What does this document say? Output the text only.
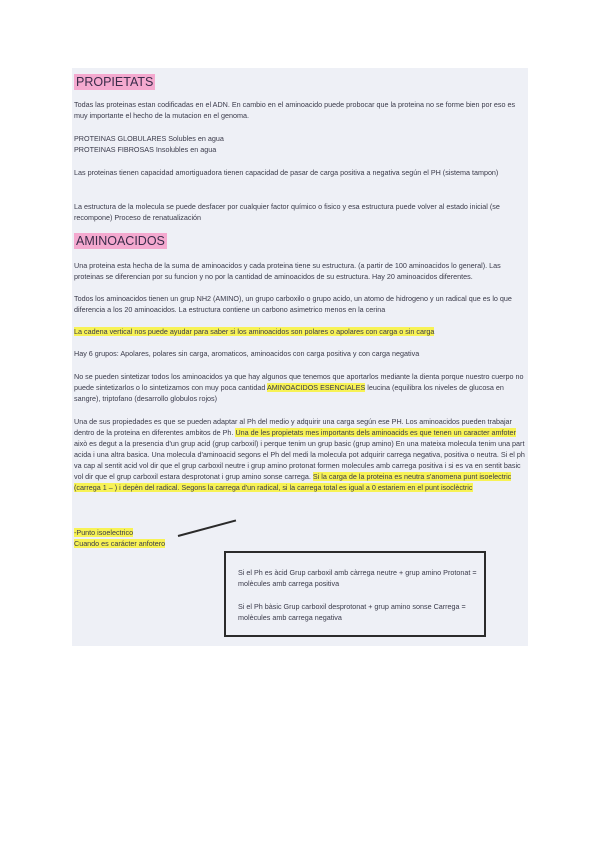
PROPIETATS

Todas las proteinas estan codificadas en el ADN. En cambio en el aminoacido puede probocar que la proteina no se forme bien por eso es muy importante el hecho de la mutacion en el genoma.

PROTEINAS GLOBULARES Solubles en agua

PROTEINAS FIBROSAS Insolubles en agua

Las proteinas tienen capacidad amortiguadora tienen capacidad de pasar de carga positiva a negativa según el PH (sistema tampon)

La estructura de la molecula se puede desfacer por cualquier factor químico o fisico y esa estructura puede volver al estado inicial (se recompone) Proceso de renatualización

AMINOACIDOS

Una proteina esta hecha de la suma de aminoacidos y cada proteina tiene su estructura. (a partir de 100 aminoacidos lo general). Las proteinas se diferencian por su funcion y no por la cantidad de aminoacidos de su estructura. Hay 20 aminoacidos diferentes.

Todos los aminoacidos tienen un grup NH2 (AMINO), un grupo carboxilo o grupo acido, un atomo de hidrogeno y un radical que es lo que diferencia a los 20 aminoacidos. La estructura contiene un carbono asimetrico menos en la cerina

La cadena vertical nos puede ayudar para saber si los aminoacidos son polares o apolares con carga o sin carga

Hay 6 grupos: Apolares, polares sin carga, aromaticos, aminoacidos con carga positiva y con carga negativa

No se pueden sintetizar todos los aminoacidos ya que hay algunos que tenemos que aportarlos mediante la dienta porque nuestro cuerpo no puede sintetizarlos o lo sintetizamos con muy poca cantidad AMINOACIDOS ESENCIALES leucina (equilibra los niveles de glucosa en sangre), triptofano (desarrollo globulos rojos)

Una de sus propiedades es que se pueden adaptar al Ph del medio y adquirir una carga según ese PH. Los aminoacidos pueden trabajar dentro de la proteina en diferentes ambitos de Ph. Una de les propietats mes importants dels aminoacids es que tenen un caracter amfoter això es degut a la presencia d'un grup acid (grup carboxil) i perque tenim un grup basic (grup amino) En una mateixa molecula tenim una part acida i una altra basica. Una molecula d'aminoacid segons el Ph del medi la molecula pot adquirir carrega negativa, positiva o neutra. Si el ph va cap al sentit acid vol dir que el grup carboxil neutre i grup amino protonat formen molecules amb carrega positiva i si es va en sentit basic vol dir que el grup carboxil estara desprotonat i grup amino sonse carrega. Si la carga de la proteina es neutra s'anomena punt isoelectric (carrega 1 – ) i depèn del radical. Segons la carrega d'un radical, si la carrega total es igual a 0 estariem en el punt isoclèctric

-Punto isoelectrico

Cuando es carácter anfotero

Si el Ph es àcid Grup carboxil amb càrrega neutre + grup amino Protonat = molècules amb carrega positiva

Si el Ph bàsic Grup carboxil desprotonat + grup amino sonse Carrega = molècules amb carrega negativa
